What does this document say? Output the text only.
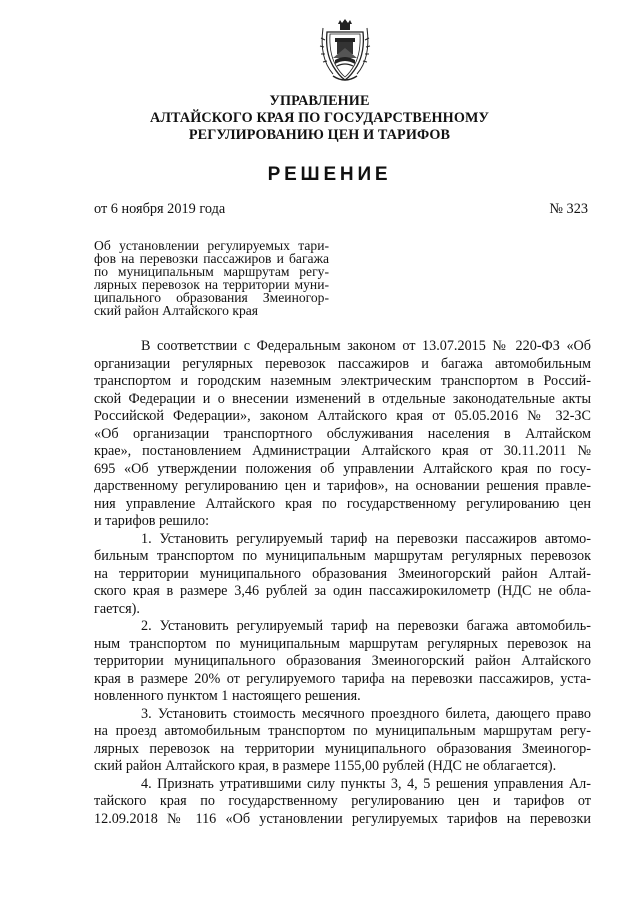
УПРАВЛЕНИЕ
АЛТАЙСКОГО КРАЯ ПО ГОСУДАРСТВЕННОМУ
РЕГУЛИРОВАНИЮ ЦЕН И ТАРИФОВ
РЕШЕНИЕ
от 6 ноября 2019 года	№ 323
Об установлении регулируемых тари-
фов на перевозки пассажиров и багажа
по муниципальным маршрутам регу-
лярных перевозок на территории муни-
ципального образования Змеиногор-
ский район Алтайского края

В соответствии с Федеральным законом от 13.07.2015 № 220-ФЗ «Об
организации регулярных перевозок пассажиров и багажа автомобильным
транспортом и городским наземным электрическим транспортом в Россий-
ской Федерации и о внесении изменений в отдельные законодательные акты
Российской Федерации», законом Алтайского края от 05.05.2016 № 32-ЗС
«Об организации транспортного обслуживания населения в Алтайском
крае», постановлением Администрации Алтайского края от 30.11.2011 №
695 «Об утверждении положения об управлении Алтайского края по госу-
дарственному регулированию цен и тарифов», на основании решения правле-
ния управление Алтайского края по государственному регулированию цен
и тарифов решило:

1. Установить регулируемый тариф на перевозки пассажиров автомо-
бильным транспортом по муниципальным маршрутам регулярных перевозок
на территории муниципального образования Змеиногорский район Алтай-
ского края в размере 3,46 рублей за один пассажирокилометр (НДС не обла-
гается).

2. Установить регулируемый тариф на перевозки багажа автомобиль-
ным транспортом по муниципальным маршрутам регулярных перевозок на
территории муниципального образования Змеиногорский район Алтайского
края в размере 20% от регулируемого тарифа на перевозки пассажиров, уста-
новленного пунктом 1 настоящего решения.

3. Установить стоимость месячного проездного билета, дающего право
на проезд автомобильным транспортом по муниципальным маршрутам регу-
лярных перевозок на территории муниципального образования Змеиногор-
ский район Алтайского края, в размере 1155,00 рублей (НДС не облагается).

4. Признать утратившими силу пункты 3, 4, 5 решения управления Ал-
тайского края по государственному регулированию цен и тарифов от
12.09.2018 № 116 «Об установлении регулируемых тарифов на перевозки
